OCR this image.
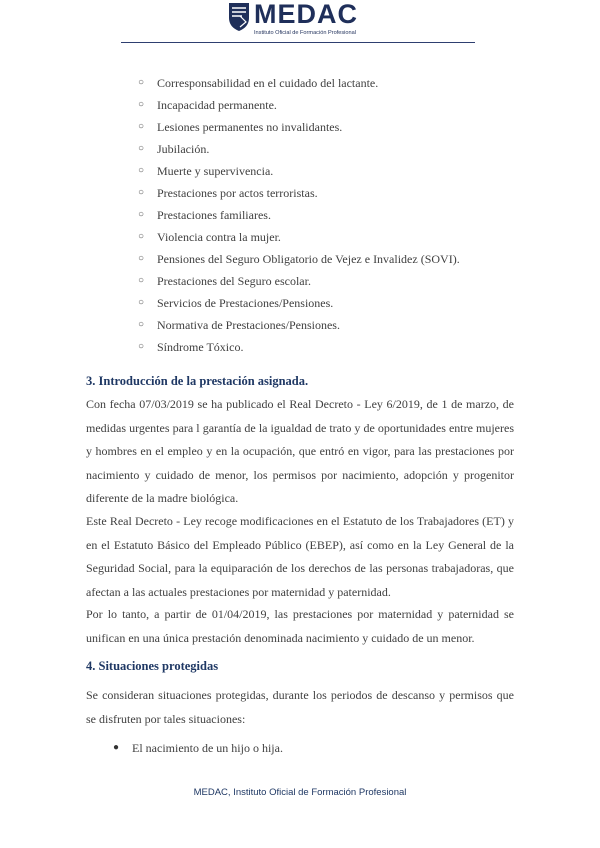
MEDAC
Instituto Oficial de Formación Profesional
○ Corresponsabilidad en el cuidado del lactante.
○ Incapacidad permanente.
○ Lesiones permanentes no invalidantes.
○ Jubilación.
○ Muerte y supervivencia.
○ Prestaciones por actos terroristas.
○ Prestaciones familiares.
○ Violencia contra la mujer.
○ Pensiones del Seguro Obligatorio de Vejez e Invalidez (SOVI).
○ Prestaciones del Seguro escolar.
○ Servicios de Prestaciones/Pensiones.
○ Normativa de Prestaciones/Pensiones.
○ Síndrome Tóxico.
3. Introducción de la prestación asignada.

Con fecha 07/03/2019 se ha publicado el Real Decreto - Ley 6/2019, de 1 de marzo, de medidas urgentes para l garantía de la igualdad de trato y de oportunidades entre mujeres y hombres en el empleo y en la ocupación, que entró en vigor, para las prestaciones por nacimiento y cuidado de menor, los permisos por nacimiento, adopción y progenitor diferente de la madre biológica.

Este Real Decreto - Ley recoge modificaciones en el Estatuto de los Trabajadores (ET) y en el Estatuto Básico del Empleado Público (EBEP), así como en la Ley General de la Seguridad Social, para la equiparación de los derechos de las personas trabajadoras, que afectan a las actuales prestaciones por maternidad y paternidad.

Por lo tanto, a partir de 01/04/2019, las prestaciones por maternidad y paternidad se unifican en una única prestación denominada nacimiento y cuidado de un menor.

4. Situaciones protegidas

Se consideran situaciones protegidas, durante los periodos de descanso y permisos que se disfruten por tales situaciones:

● El nacimiento de un hijo o hija.
MEDAC, Instituto Oficial de Formación Profesional
